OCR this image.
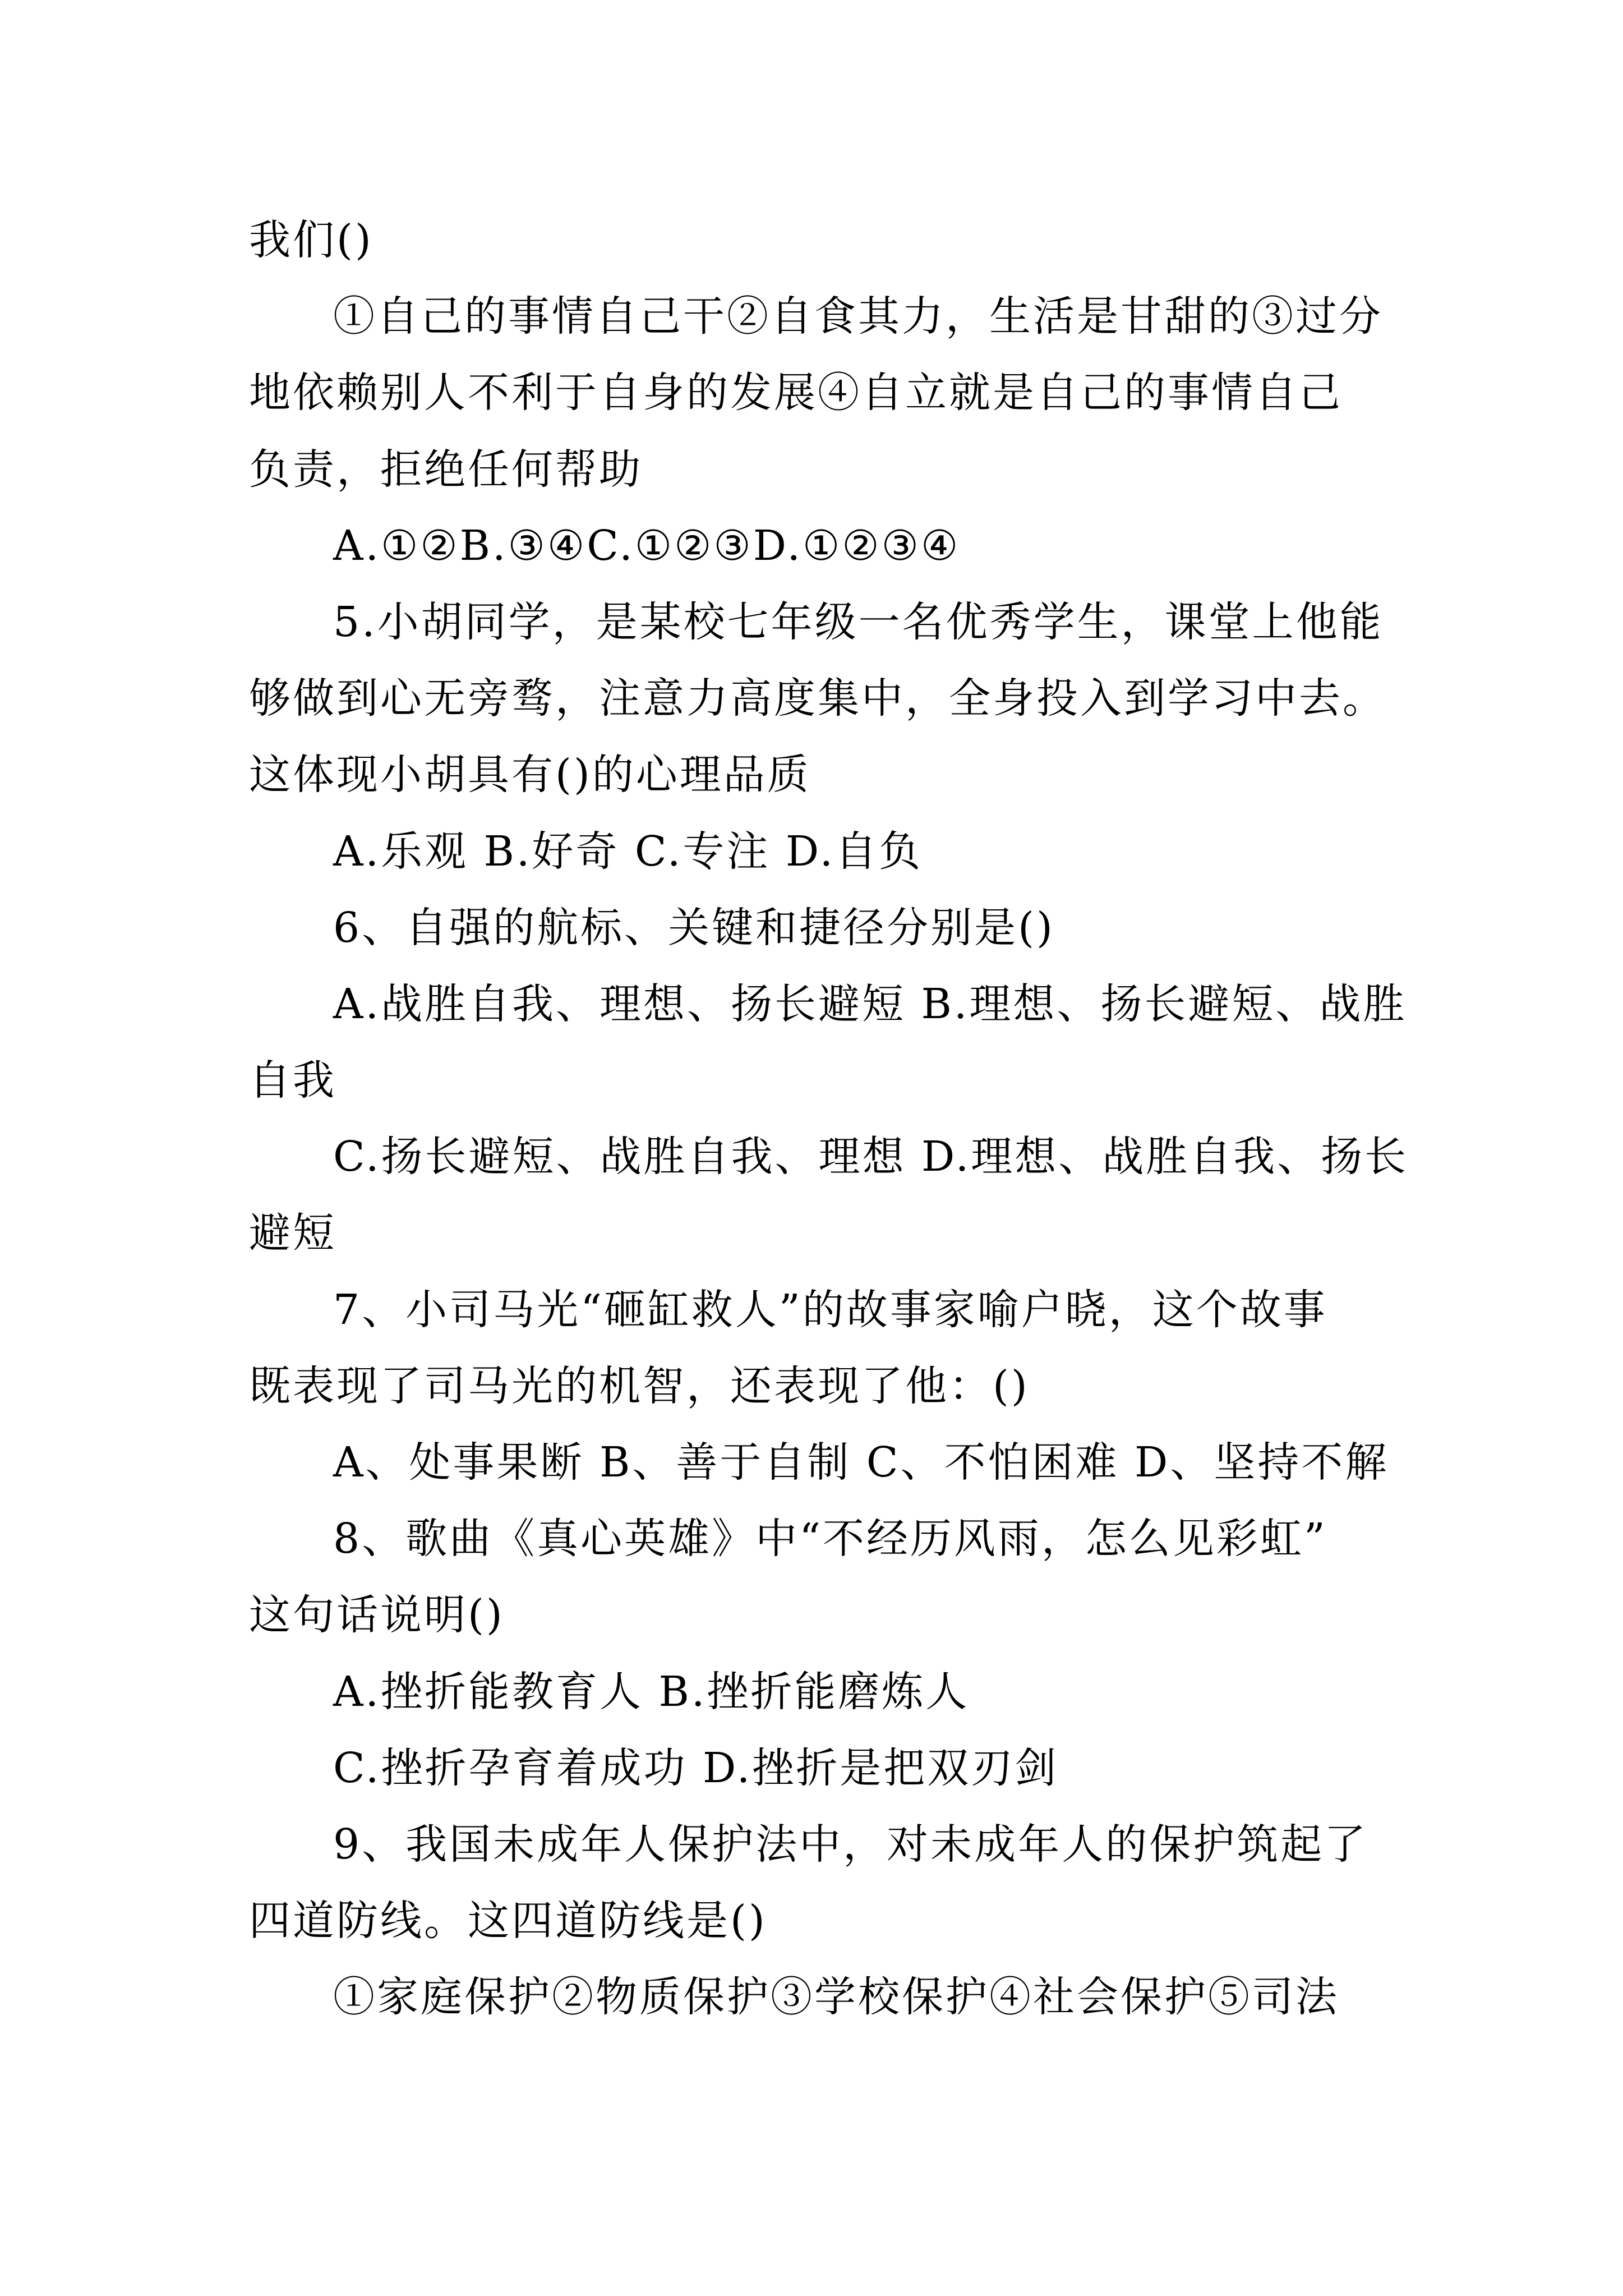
我们()
①自己的事情自己干②自食其力，生活是甘甜的③过分
地依赖别人不利于自身的发展④自立就是自己的事情自己
负责，拒绝任何帮助
A.①②B.③④C.①②③D.①②③④
5.小胡同学，是某校七年级一名优秀学生，课堂上他能
够做到心无旁骛，注意力高度集中，全身投入到学习中去。
这体现小胡具有()的心理品质
A.乐观 B.好奇 C.专注 D.自负
6、自强的航标、关键和捷径分别是()
A.战胜自我、理想、扬长避短 B.理想、扬长避短、战胜
自我
C.扬长避短、战胜自我、理想 D.理想、战胜自我、扬长
避短
7、小司马光“砸缸救人”的故事家喻户晓，这个故事
既表现了司马光的机智，还表现了他：()
A、处事果断 B、善于自制 C、不怕困难 D、坚持不解
8、歌曲《真心英雄》中“不经历风雨，怎么见彩虹”
这句话说明()
A.挫折能教育人 B.挫折能磨炼人
C.挫折孕育着成功 D.挫折是把双刃剑
9、我国未成年人保护法中，对未成年人的保护筑起了
四道防线。这四道防线是()
①家庭保护②物质保护③学校保护④社会保护⑤司法
